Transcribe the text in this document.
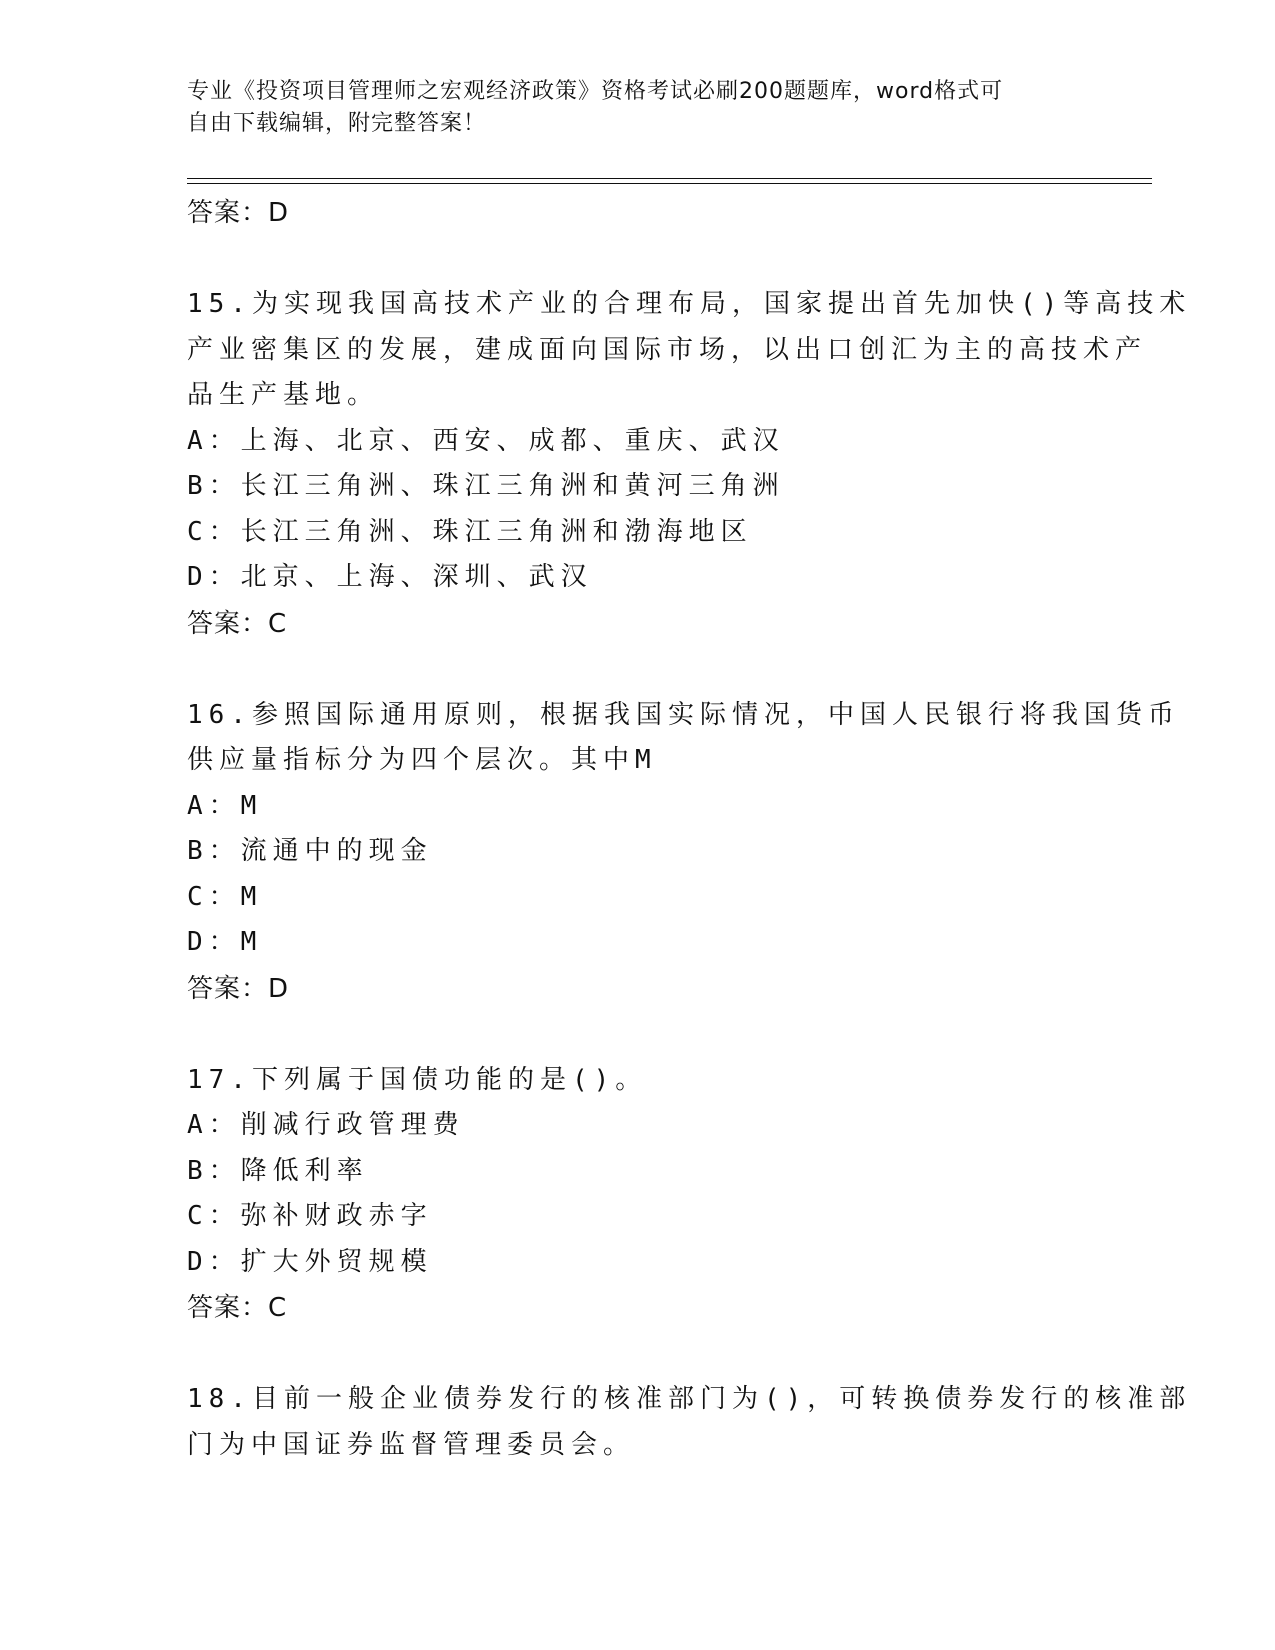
专业《投资项目管理师之宏观经济政策》资格考试必刷200题题库，word格式可
自由下载编辑，附完整答案！
答案：D
15.为实现我国高技术产业的合理布局，国家提出首先加快()等高技术
产业密集区的发展，建成面向国际市场，以出口创汇为主的高技术产
品生产基地。
A：上海、北京、西安、成都、重庆、武汉
B：长江三角洲、珠江三角洲和黄河三角洲
C：长江三角洲、珠江三角洲和渤海地区
D：北京、上海、深圳、武汉
答案：C
16.参照国际通用原则，根据我国实际情况，中国人民银行将我国货币
供应量指标分为四个层次。其中M
A：M
B：流通中的现金
C：M
D：M
答案：D
17.下列属于国债功能的是()。
A：削减行政管理费
B：降低利率
C：弥补财政赤字
D：扩大外贸规模
答案：C
18.目前一般企业债券发行的核准部门为()，可转换债券发行的核准部
门为中国证券监督管理委员会。
